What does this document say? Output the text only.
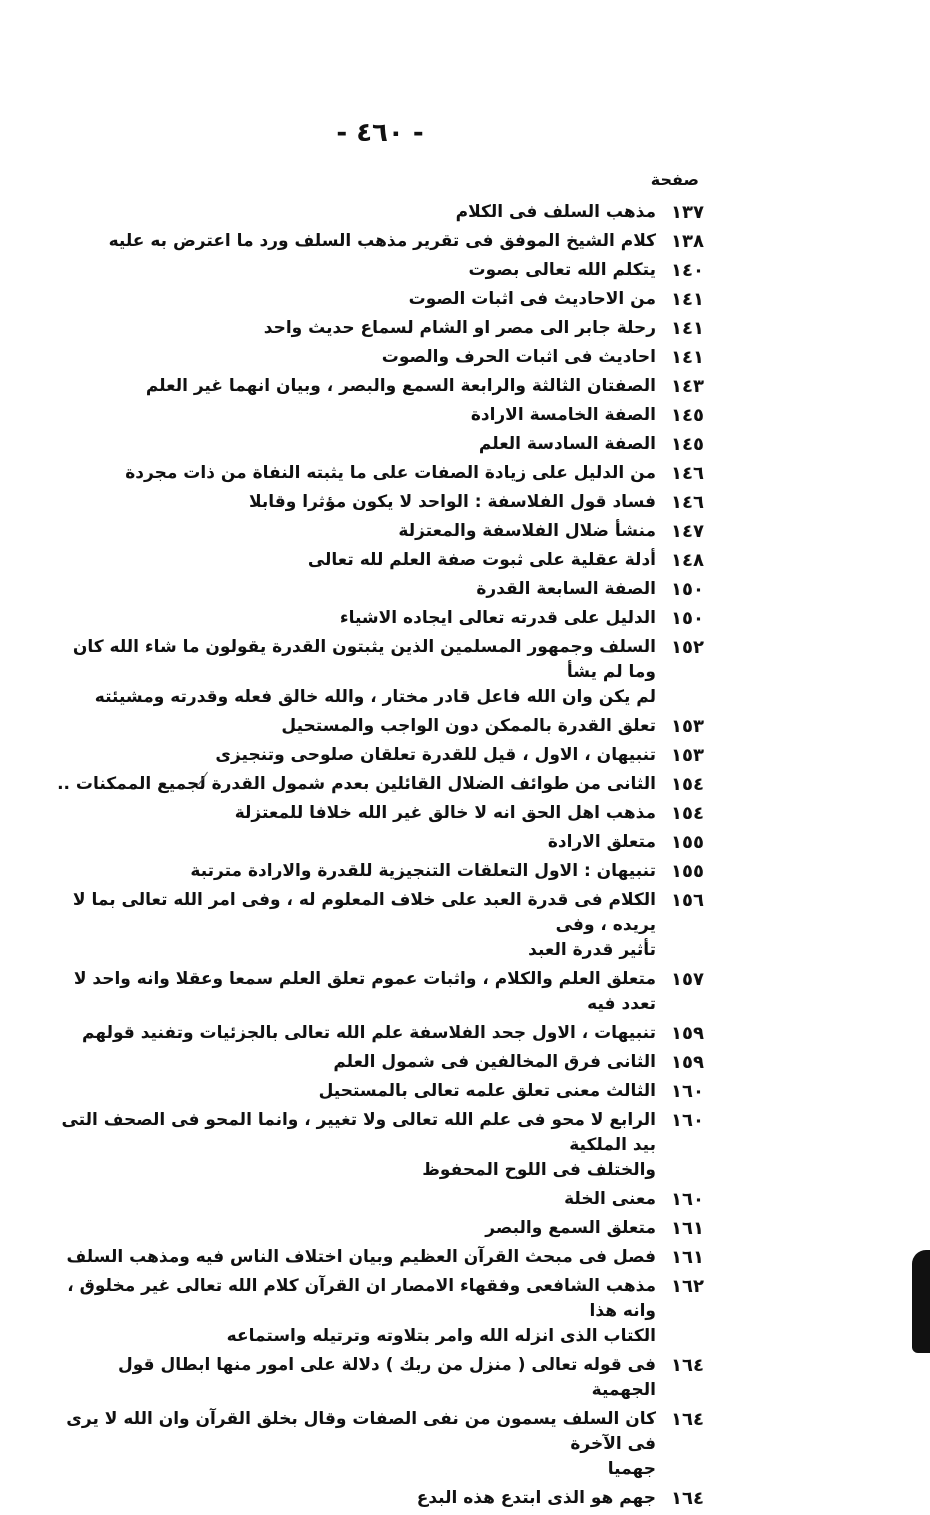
- ٤٦٠ -
صفحة
١٣٧
مذهب السلف فى الكلام
١٣٨
كلام الشيخ الموفق فى تقرير مذهب السلف ورد ما اعترض به عليه
١٤٠
يتكلم الله تعالى بصوت
١٤١
من الاحاديث فى اثبات الصوت
١٤١
رحلة جابر الى مصر او الشام لسماع حديث واحد
١٤١
احاديث فى اثبات الحرف والصوت
١٤٣
الصفتان الثالثة والرابعة السمع والبصر ، وبيان انهما غير العلم
١٤٥
الصفة الخامسة الارادة
١٤٥
الصفة السادسة العلم
١٤٦
من الدليل على زيادة الصفات على ما يثبته النفاة من ذات مجردة
١٤٦
فساد قول الفلاسفة : الواحد لا يكون مؤثرا وقابلا
١٤٧
منشأ ضلال الفلاسفة والمعتزلة
١٤٨
أدلة عقلية على ثبوت صفة العلم لله تعالى
١٥٠
الصفة السابعة القدرة
١٥٠
الدليل على قدرته تعالى ايجاده الاشياء
١٥٢
السلف وجمهور المسلمين الذين يثبتون القدرة يقولون ما شاء الله كان وما لم يشأ
لم يكن وان الله فاعل قادر مختار ، والله خالق فعله وقدرته ومشيئته
١٥٣
تعلق القدرة بالممكن دون الواجب والمستحيل
١٥٣
تنبيهان ، الاول ، قيل للقدرة تعلقان صلوحى وتنجيزى
١٥٤
الثانى من طوائف الضلال القائلين بعدم شمول القدرة لجميع الممكنات ..
١٥٤
مذهب اهل الحق انه لا خالق غير الله خلافا للمعتزلة
١٥٥
متعلق الارادة
١٥٥
تنبيهان : الاول التعلقات التنجيزية للقدرة والارادة مترتبة
١٥٦
الكلام فى قدرة العبد على خلاف المعلوم له ، وفى امر الله تعالى بما لا يريده ، وفى
تأثير قدرة العبد
١٥٧
متعلق العلم والكلام ، واثبات عموم تعلق العلم سمعا وعقلا وانه واحد لا تعدد فيه
١٥٩
تنبيهات ، الاول جحد الفلاسفة علم الله تعالى بالجزئيات وتفنيد قولهم
١٥٩
الثانى فرق المخالفين فى شمول العلم
١٦٠
الثالث معنى تعلق علمه تعالى بالمستحيل
١٦٠
الرابع لا محو فى علم الله تعالى ولا تغيير ، وانما المحو فى الصحف التى بيد الملكية
والختلف فى اللوح المحفوظ
١٦٠
معنى الخلة
١٦١
متعلق السمع والبصر
١٦١
فصل فى مبحث القرآن العظيم وبيان اختلاف الناس فيه ومذهب السلف
١٦٢
مذهب الشافعى وفقهاء الامصار ان القرآن كلام الله تعالى غير مخلوق ، وانه هذا
الكتاب الذى انزله الله وامر بتلاوته وترتيله واستماعه
١٦٤
فى قوله تعالى ( منزل من ربك ) دلالة على امور منها ابطال قول الجهمية
١٦٤
كان السلف يسمون من نفى الصفات وقال بخلق القرآن وان الله لا يرى فى الآخرة
جهميا
١٦٤
جهم هو الذى ابتدع هذه البدع
